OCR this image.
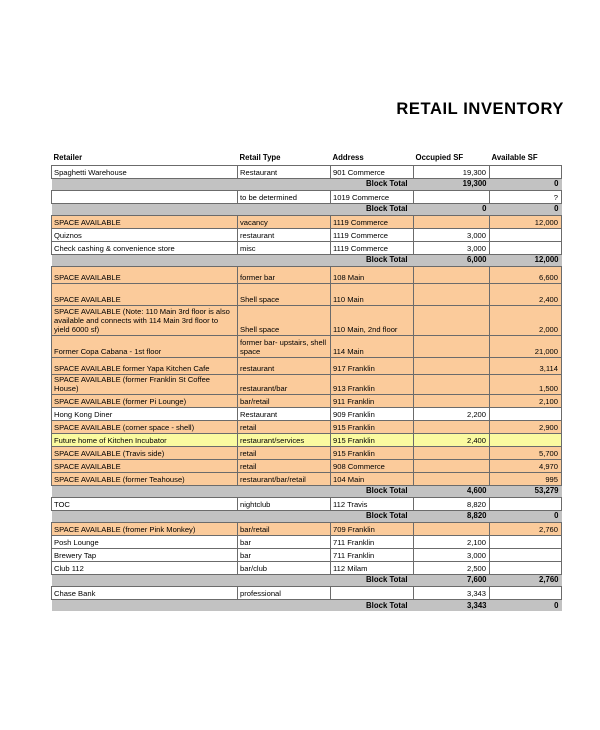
RETAIL INVENTORY
Retailer	Retail Type	Address	Occupied SF	Available SF
Spaghetti Warehouse	Restaurant	901 Commerce	19,300	
Block Total			19,300	0
	to be determined	1019 Commerce		?
Block Total			0	0
SPACE AVAILABLE	vacancy	1119 Commerce		12,000
Quiznos	restaurant	1119 Commerce	3,000	
Check cashing & convenience store	misc	1119 Commerce	3,000	
Block Total			6,000	12,000
SPACE AVAILABLE	former bar	108 Main		6,600
SPACE AVAILABLE	Shell space	110 Main		2,400
SPACE AVAILABLE (Note: 110 Main 3rd floor is also available and connects with 114 Main 3rd floor to yield 6000 sf)	Shell space	110 Main, 2nd floor		2,000
Former Copa Cabana - 1st floor	former bar- upstairs, shell space	114 Main		21,000
SPACE AVAILABLE former Yapa Kitchen Cafe	restaurant	917 Franklin		3,114
SPACE AVAILABLE (former Franklin St Coffee House)	restaurant/bar	913 Franklin		1,500
SPACE AVAILABLE (former Pi Lounge)	bar/retail	911 Franklin		2,100
Hong Kong Diner	Restaurant	909 Franklin	2,200	
SPACE AVAILABLE (corner space - shell)	retail	915 Franklin		2,900
Future home of Kitchen Incubator	restaurant/services	915 Franklin	2,400	
SPACE AVAILABLE (Travis side)	retail	915 Franklin		5,700
SPACE AVAILABLE	retail	908 Commerce		4,970
SPACE AVAILABLE (former Teahouse)	restaurant/bar/retail	104 Main		995
Block Total			4,600	53,279
TOC	nightclub	112 Travis	8,820	
Block Total			8,820	0
SPACE AVAILABLE (fromer Pink Monkey)	bar/retail	709 Franklin		2,760
Posh Lounge	bar	711 Franklin	2,100	
Brewery Tap	bar	711 Franklin	3,000	
Club 112	bar/club	112 Milam	2,500	
Block Total			7,600	2,760
Chase Bank	professional		3,343	
Block Total			3,343	0
